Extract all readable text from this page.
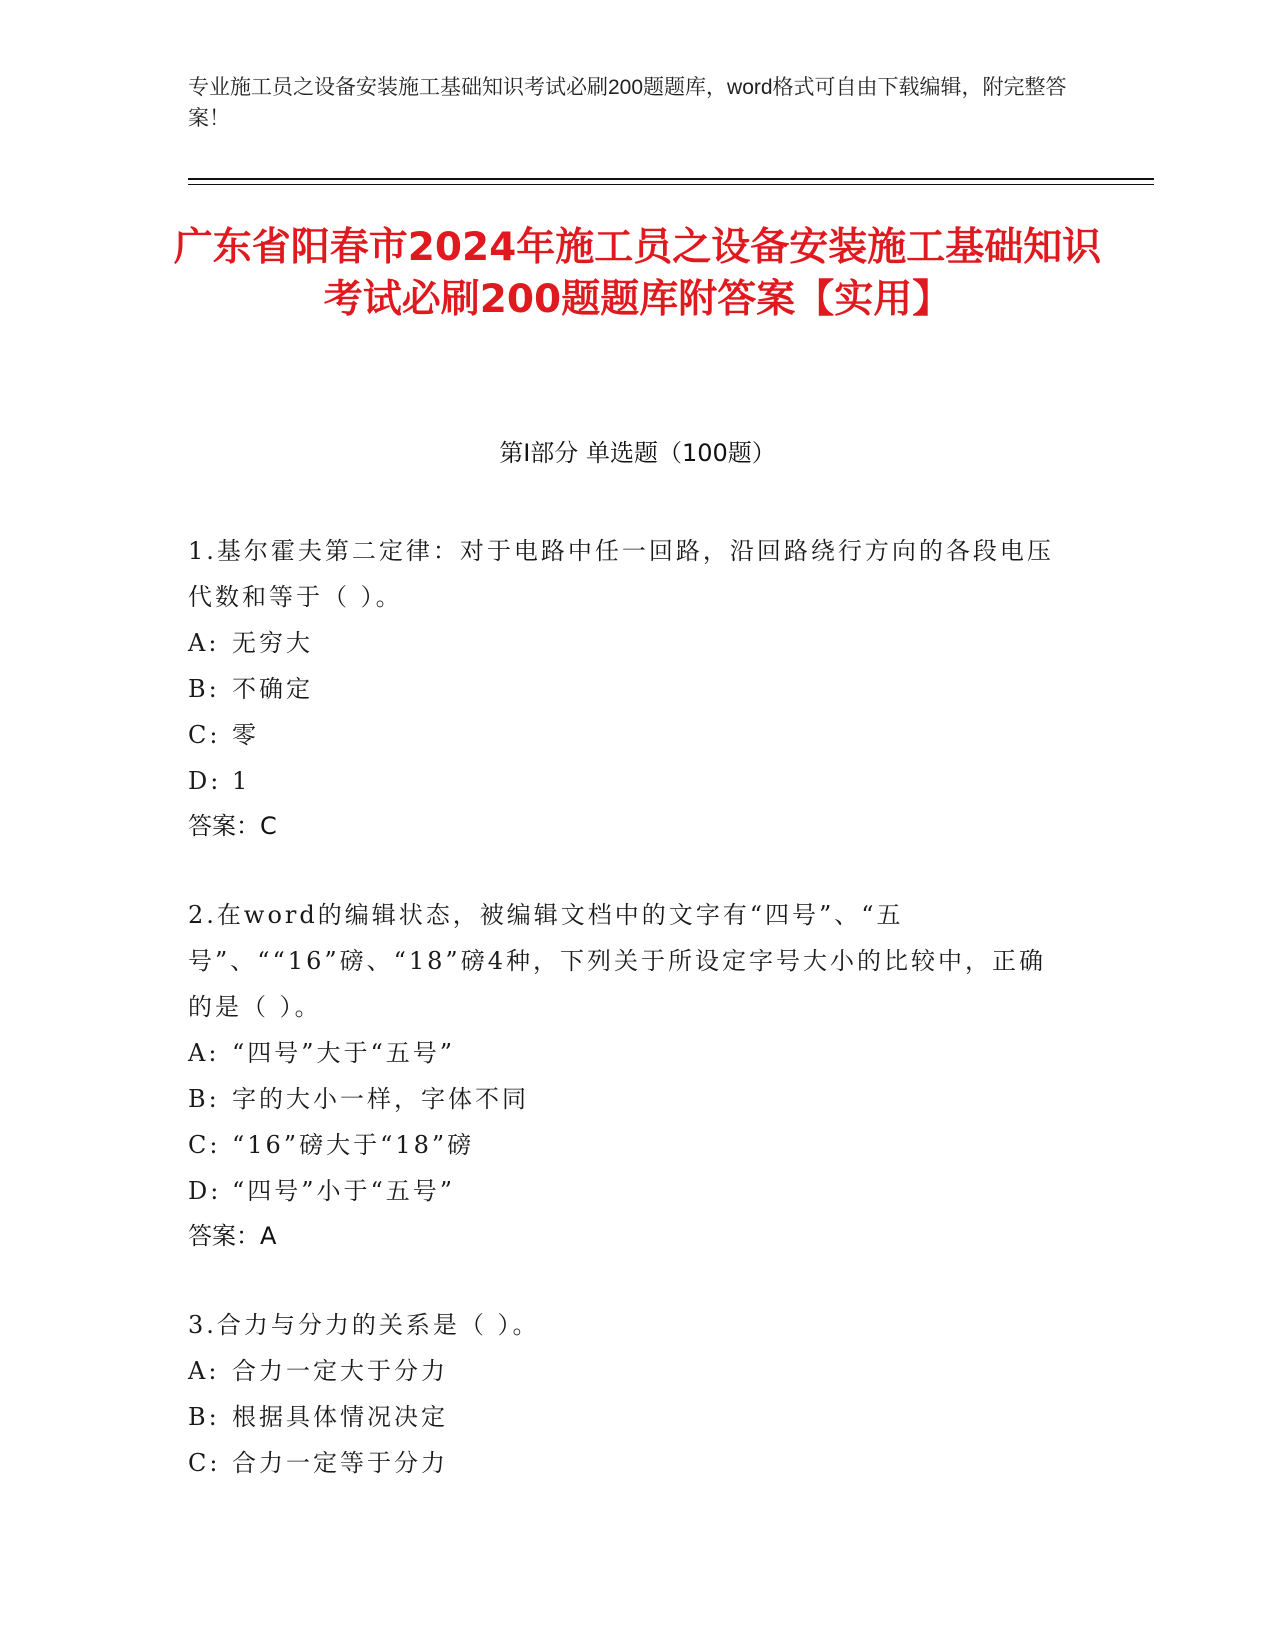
专业施工员之设备安装施工基础知识考试必刷200题题库，word格式可自由下载编辑，附完整答案！
广东省阳春市2024年施工员之设备安装施工基础知识考试必刷200题题库附答案【实用】
第I部分 单选题（100题）
1.基尔霍夫第二定律：对于电路中任一回路，沿回路绕行方向的各段电压代数和等于（ ）。
A: 无穷大
B: 不确定
C: 零
D: 1
答案：C
2.在word的编辑状态，被编辑文档中的文字有“四号”、“五号”、““16”磅、“18”磅4种，下列关于所设定字号大小的比较中，正确的是（ ）。
A: “四号”大于“五号”
B: 字的大小一样，字体不同
C: “16”磅大于“18”磅
D: “四号”小于“五号”
答案：A
3.合力与分力的关系是（ ）。
A: 合力一定大于分力
B: 根据具体情况决定
C: 合力一定等于分力
